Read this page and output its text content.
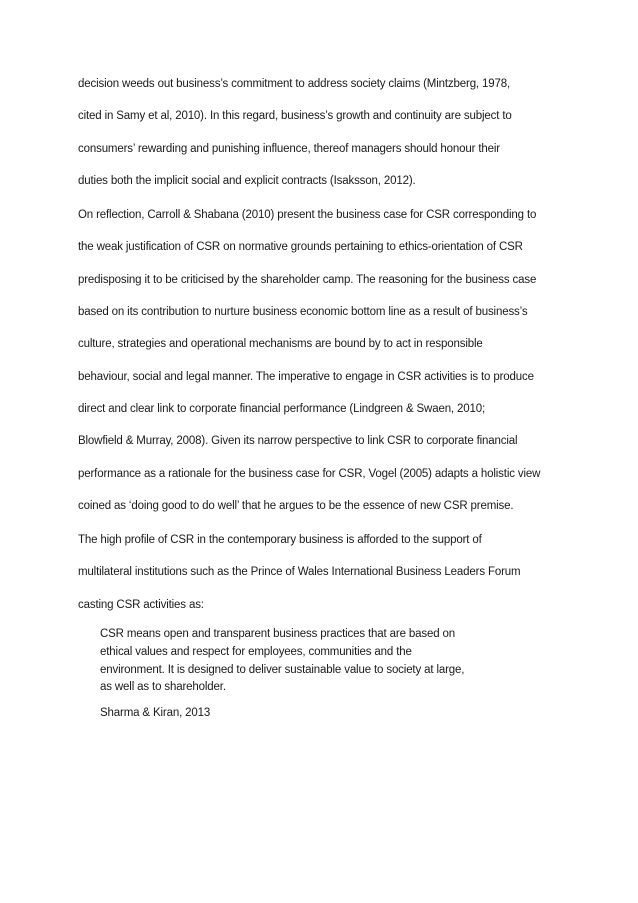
decision weeds out business’s commitment to address society claims (Mintzberg, 1978,
cited in Samy et al, 2010). In this regard, business’s growth and continuity are subject to
consumers’ rewarding and punishing influence, thereof managers should honour their
duties both the implicit social and explicit contracts (Isaksson, 2012).

On reflection, Carroll & Shabana (2010) present the business case for CSR corresponding to
the weak justification of CSR on normative grounds pertaining to ethics-orientation of CSR
predisposing it to be criticised by the shareholder camp. The reasoning for the business case
based on its contribution to nurture business economic bottom line as a result of business’s
culture, strategies and operational mechanisms are bound by to act in responsible
behaviour, social and legal manner. The imperative to engage in CSR activities is to produce
direct and clear link to corporate financial performance (Lindgreen & Swaen, 2010;
Blowfield & Murray, 2008). Given its narrow perspective to link CSR to corporate financial
performance as a rationale for the business case for CSR, Vogel (2005) adapts a holistic view
coined as ‘doing good to do well’ that he argues to be the essence of new CSR premise.

The high profile of CSR in the contemporary business is afforded to the support of
multilateral institutions such as the Prince of Wales International Business Leaders Forum
casting CSR activities as:

CSR means open and transparent business practices that are based on
ethical values and respect for employees, communities and the
environment. It is designed to deliver sustainable value to society at large,
as well as to shareholder.
Sharma & Kiran, 2013
